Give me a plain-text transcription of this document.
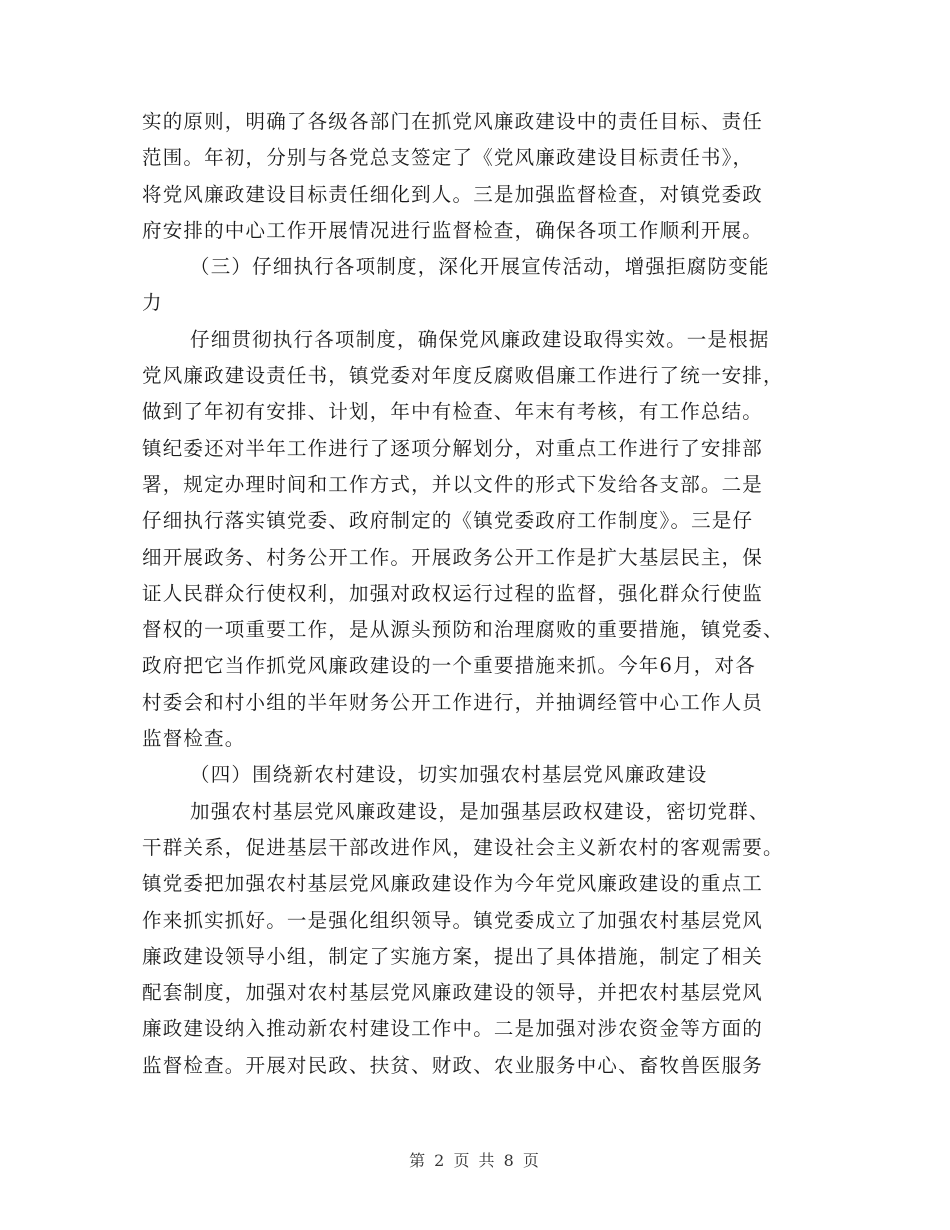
实的原则，明确了各级各部门在抓党风廉政建设中的责任目标、责任
范围。年初，分别与各党总支签定了《党风廉政建设目标责任书》，
将党风廉政建设目标责任细化到人。三是加强监督检查，对镇党委政
府安排的中心工作开展情况进行监督检查，确保各项工作顺利开展。
（三）仔细执行各项制度，深化开展宣传活动，增强拒腐防变能
力
仔细贯彻执行各项制度，确保党风廉政建设取得实效。一是根据
党风廉政建设责任书，镇党委对年度反腐败倡廉工作进行了统一安排，
做到了年初有安排、计划，年中有检查、年末有考核，有工作总结。
镇纪委还对半年工作进行了逐项分解划分，对重点工作进行了安排部
署，规定办理时间和工作方式，并以文件的形式下发给各支部。二是
仔细执行落实镇党委、政府制定的《镇党委政府工作制度》。三是仔
细开展政务、村务公开工作。开展政务公开工作是扩大基层民主，保
证人民群众行使权利，加强对政权运行过程的监督，强化群众行使监
督权的一项重要工作，是从源头预防和治理腐败的重要措施，镇党委、
政府把它当作抓党风廉政建设的一个重要措施来抓。今年6月，对各
村委会和村小组的半年财务公开工作进行，并抽调经管中心工作人员
监督检查。
（四）围绕新农村建设，切实加强农村基层党风廉政建设
加强农村基层党风廉政建设，是加强基层政权建设，密切党群、
干群关系，促进基层干部改进作风，建设社会主义新农村的客观需要。
镇党委把加强农村基层党风廉政建设作为今年党风廉政建设的重点工
作来抓实抓好。一是强化组织领导。镇党委成立了加强农村基层党风
廉政建设领导小组，制定了实施方案，提出了具体措施，制定了相关
配套制度，加强对农村基层党风廉政建设的领导，并把农村基层党风
廉政建设纳入推动新农村建设工作中。二是加强对涉农资金等方面的
监督检查。开展对民政、扶贫、财政、农业服务中心、畜牧兽医服务
第 2 页 共 8 页
